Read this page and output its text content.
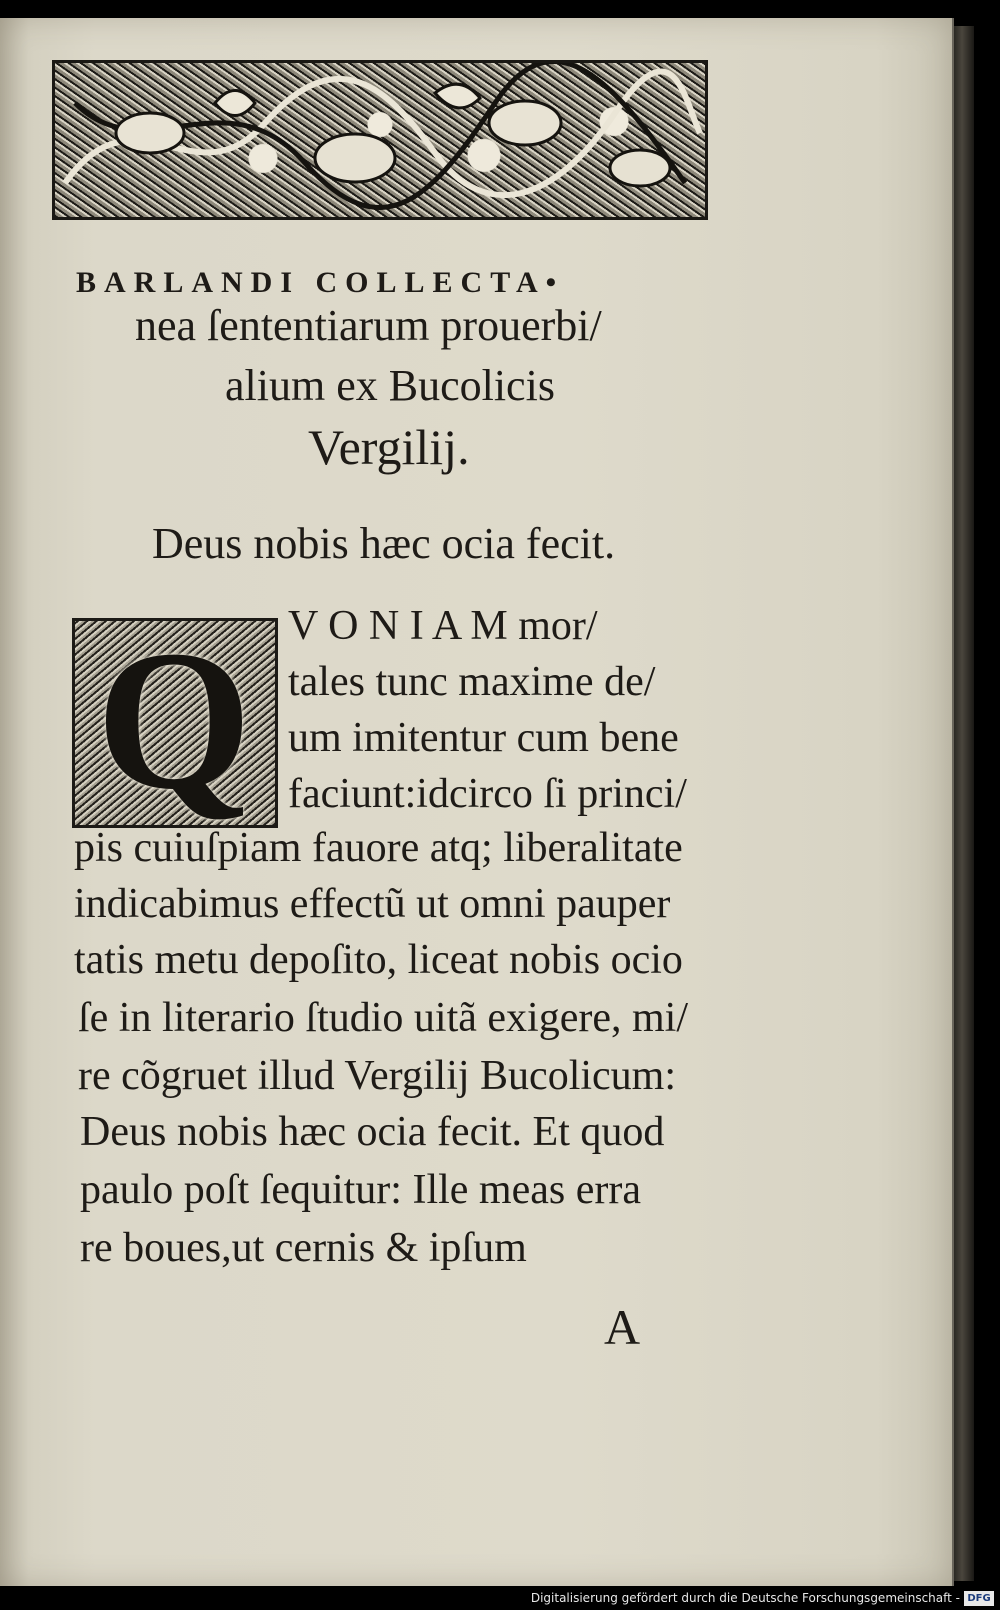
BARLANDI COLLECTA•
nea ſententiarum prouerbi/
alium ex Bucolicis
Vergilij.
Deus nobis hæc ocia fecit.
Q V O N I A M mor/
tales tunc maxime de/
um imitentur cum bene
faciunt:idcirco ſi princi/
pis cuiuſpiam fauore atq; liberalitate
indicabimus effectũ ut omni pauper
tatis metu depoſito, liceat nobis ocio
ſe in literario ſtudio uitã exigere, mi/
re cõgruet illud Vergilij Bucolicum:
Deus nobis hæc ocia fecit. Et quod
paulo poſt ſequitur: Ille meas erra
re boues,ut cernis & ipſum
A
Digitalisierung gefördert durch die Deutsche Forschungsgemeinschaft - DFG
